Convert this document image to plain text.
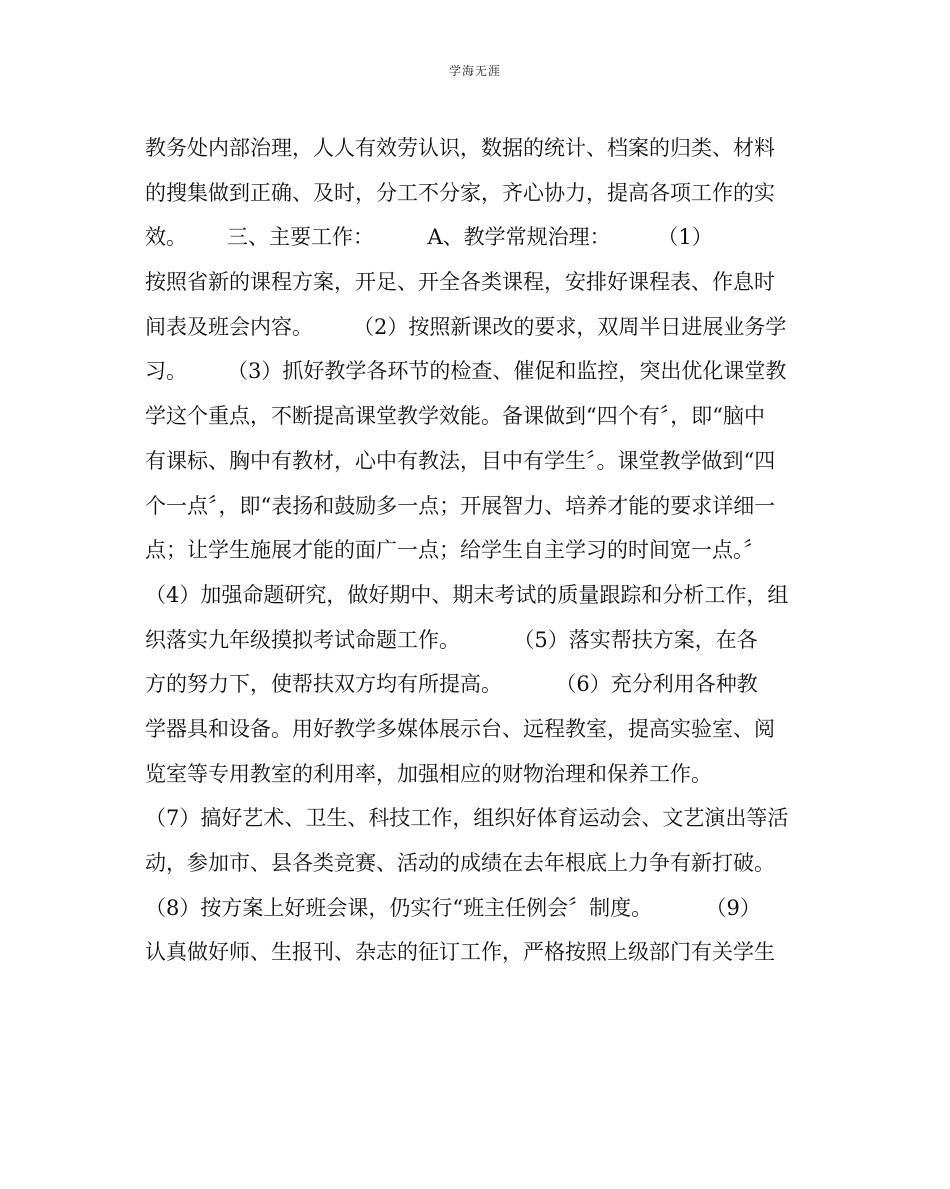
学海无涯
教务处内部治理，人人有效劳认识，数据的统计、档案的归类、材料
的搜集做到正确、及时，分工不分家，齐心协力，提高各项工作的实
效。      三、主要工作：        A、教学常规治理：       （1）
按照省新的课程方案，开足、开全各类课程，安排好课程表、作息时
间表及班会内容。      （2）按照新课改的要求，双周半日进展业务学
习。      （3）抓好教学各环节的检查、催促和监控，突出优化课堂教
学这个重点，不断提高课堂教学效能。备课做到“四个有〞，即“脑中
有课标、胸中有教材，心中有教法，目中有学生〞。课堂教学做到“四
个一点〞，即“表扬和鼓励多一点；开展智力、培养才能的要求详细一
点；让学生施展才能的面广一点；给学生自主学习的时间宽一点。〞
（4）加强命题研究，做好期中、期末考试的质量跟踪和分析工作，组
织落实九年级摸拟考试命题工作。        （5）落实帮扶方案，在各
方的努力下，使帮扶双方均有所提高。        （6）充分利用各种教
学器具和设备。用好教学多媒体展示台、远程教室，提高实验室、阅
览室等专用教室的利用率，加强相应的财物治理和保养工作。
（7）搞好艺术、卫生、科技工作，组织好体育运动会、文艺演出等活
动，参加市、县各类竞赛、活动的成绩在去年根底上力争有新打破。
（8）按方案上好班会课，仍实行“班主任例会〞制度。        （9）
认真做好师、生报刊、杂志的征订工作，严格按照上级部门有关学生
